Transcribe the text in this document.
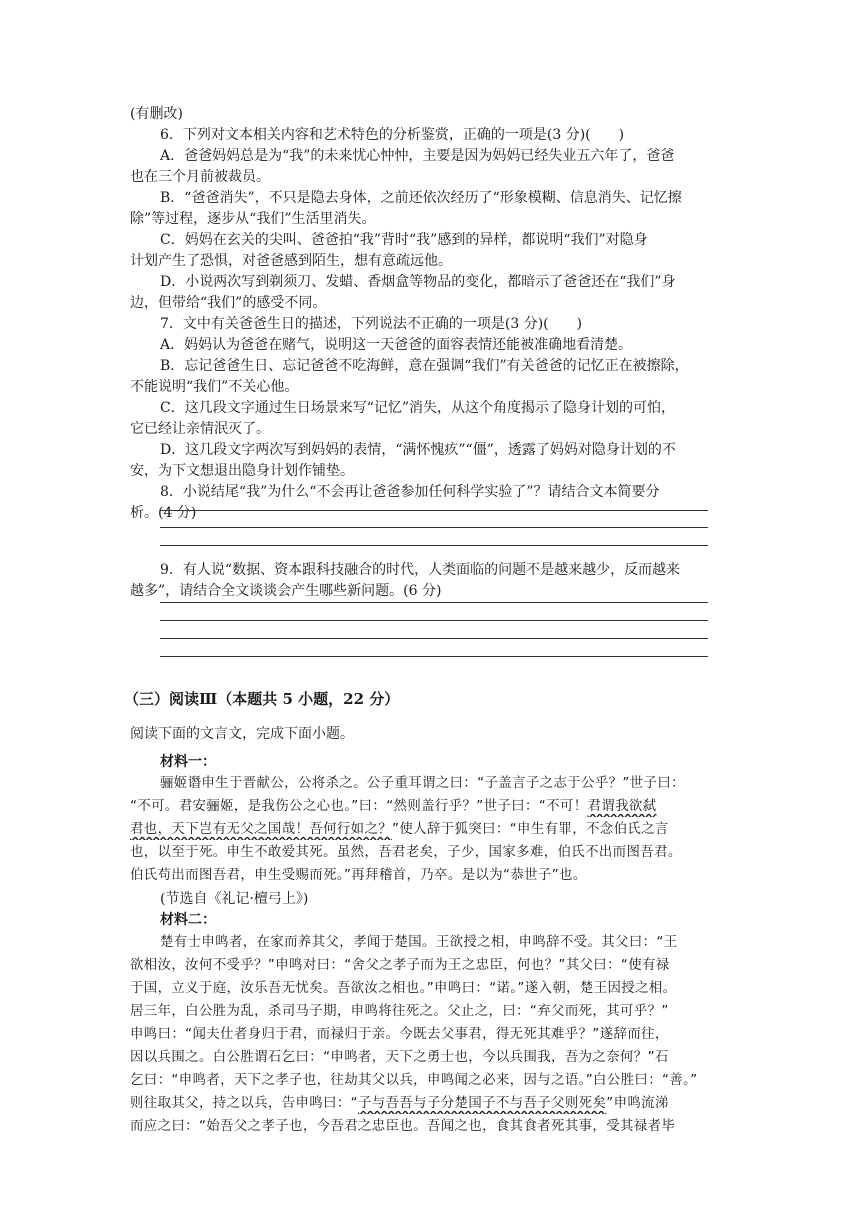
(有删改)
6．下列对文本相关内容和艺术特色的分析鉴赏，正确的一项是(3 分)(　　)
A．爸爸妈妈总是为“我”的未来忧心忡忡，主要是因为妈妈已经失业五六年了，爸爸
也在三个月前被裁员。
B．“爸爸消失”，不只是隐去身体，之前还依次经历了“形象模糊、信息消失、记忆擦
除”等过程，逐步从“我们”生活里消失。
C．妈妈在玄关的尖叫、爸爸拍“我”背时“我”感到的异样，都说明“我们”对隐身
计划产生了恐惧，对爸爸感到陌生，想有意疏远他。
D．小说两次写到剃须刀、发蜡、香烟盒等物品的变化，都暗示了爸爸还在“我们”身
边，但带给“我们”的感受不同。
7．文中有关爸爸生日的描述，下列说法不正确的一项是(3 分)(　　)
A．妈妈认为爸爸在赌气，说明这一天爸爸的面容表情还能被准确地看清楚。
B．忘记爸爸生日、忘记爸爸不吃海鲜，意在强调“我们”有关爸爸的记忆正在被擦除，
不能说明“我们”不关心他。
C．这几段文字通过生日场景来写“记忆”消失，从这个角度揭示了隐身计划的可怕，
它已经让亲情泯灭了。
D．这几段文字两次写到妈妈的表情，“满怀愧疚”“僵”，透露了妈妈对隐身计划的不
安，为下文想退出隐身计划作铺垫。
8．小说结尾“我”为什么“不会再让爸爸参加任何科学实验了”？请结合文本简要分
析。(4 分)
9．有人说“数据、资本跟科技融合的时代，人类面临的问题不是越来越少，反而越来
越多”，请结合全文谈谈会产生哪些新问题。(6 分)
（三）阅读Ⅲ（本题共 5 小题，22 分）
阅读下面的文言文，完成下面小题。
材料一：
骊姬谮申生于晋献公，公将杀之。公子重耳谓之曰：“子盖言子之志于公乎？”世子曰：
“不可。君安骊姬，是我伤公之心也。”曰：“然则盖行乎？”世子曰：“不可！君谓我欲弑
君也，天下岂有无父之国哉！吾何行如之？”使人辞于狐突曰：“申生有罪，不念伯氏之言
也，以至于死。申生不敢爱其死。虽然，吾君老矣，子少，国家多难，伯氏不出而图吾君。
伯氏苟出而图吾君，申生受赐而死。”再拜稽首，乃卒。是以为“恭世子”也。
(节选自《礼记·檀弓上》)
材料二：
楚有士申鸣者，在家而养其父，孝闻于楚国。王欲授之相，申鸣辞不受。其父曰：“王
欲相汝，汝何不受乎？”申鸣对曰：“舍父之孝子而为王之忠臣，何也？”其父曰：“使有禄
于国，立义于庭，汝乐吾无忧矣。吾欲汝之相也。”申鸣曰：“诺。”遂入朝，楚王因授之相。
居三年，白公胜为乱，杀司马子期，申鸣将往死之。父止之，曰：“弃父而死，其可乎？”
申鸣曰：“闻夫仕者身归于君，而禄归于亲。今既去父事君，得无死其难乎？”遂辞而往，
因以兵围之。白公胜谓石乞曰：“申鸣者，天下之勇士也，今以兵围我，吾为之奈何？”石
乞曰：“申鸣者，天下之孝子也，往劫其父以兵，申鸣闻之必来，因与之语。”白公胜曰：“善。”
则往取其父，持之以兵，告申鸣曰：“子与吾吾与子分楚国子不与吾子父则死矣”申鸣流涕
而应之曰：“始吾父之孝子也，今吾君之忠臣也。吾闻之也，食其食者死其事，受其禄者毕
